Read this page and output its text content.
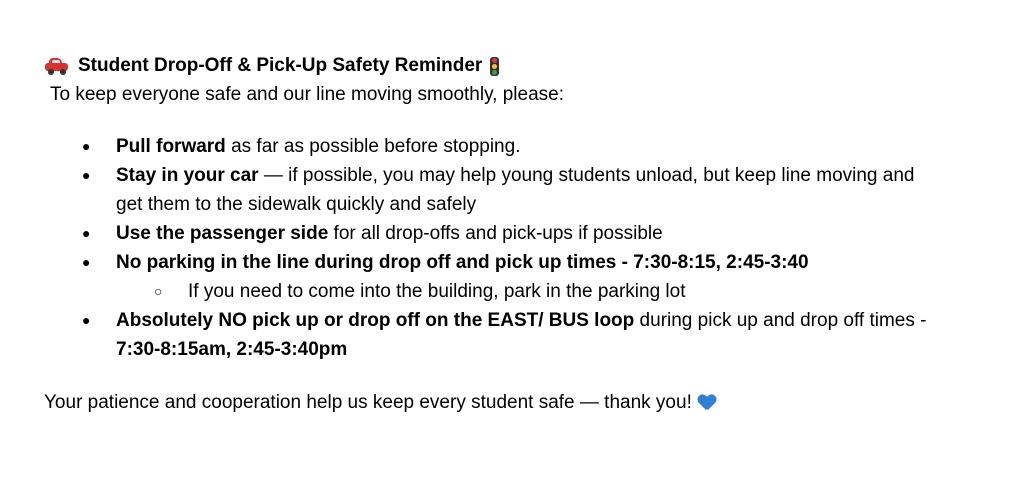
Student Drop-Off & Pick-Up Safety Reminder
To keep everyone safe and our line moving smoothly, please:
●	Pull forward as far as possible before stopping.
●	Stay in your car — if possible, you may help young students unload, but keep line moving and get them to the sidewalk quickly and safely
●	Use the passenger side for all drop-offs and pick-ups if possible
●	No parking in the line during drop off and pick up times - 7:30-8:15, 2:45-3:40
○ If you need to come into the building, park in the parking lot
●	Absolutely NO pick up or drop off on the EAST/ BUS loop during pick up and drop off times - 7:30-8:15am, 2:45-3:40pm
Your patience and cooperation help us keep every student safe — thank you!
